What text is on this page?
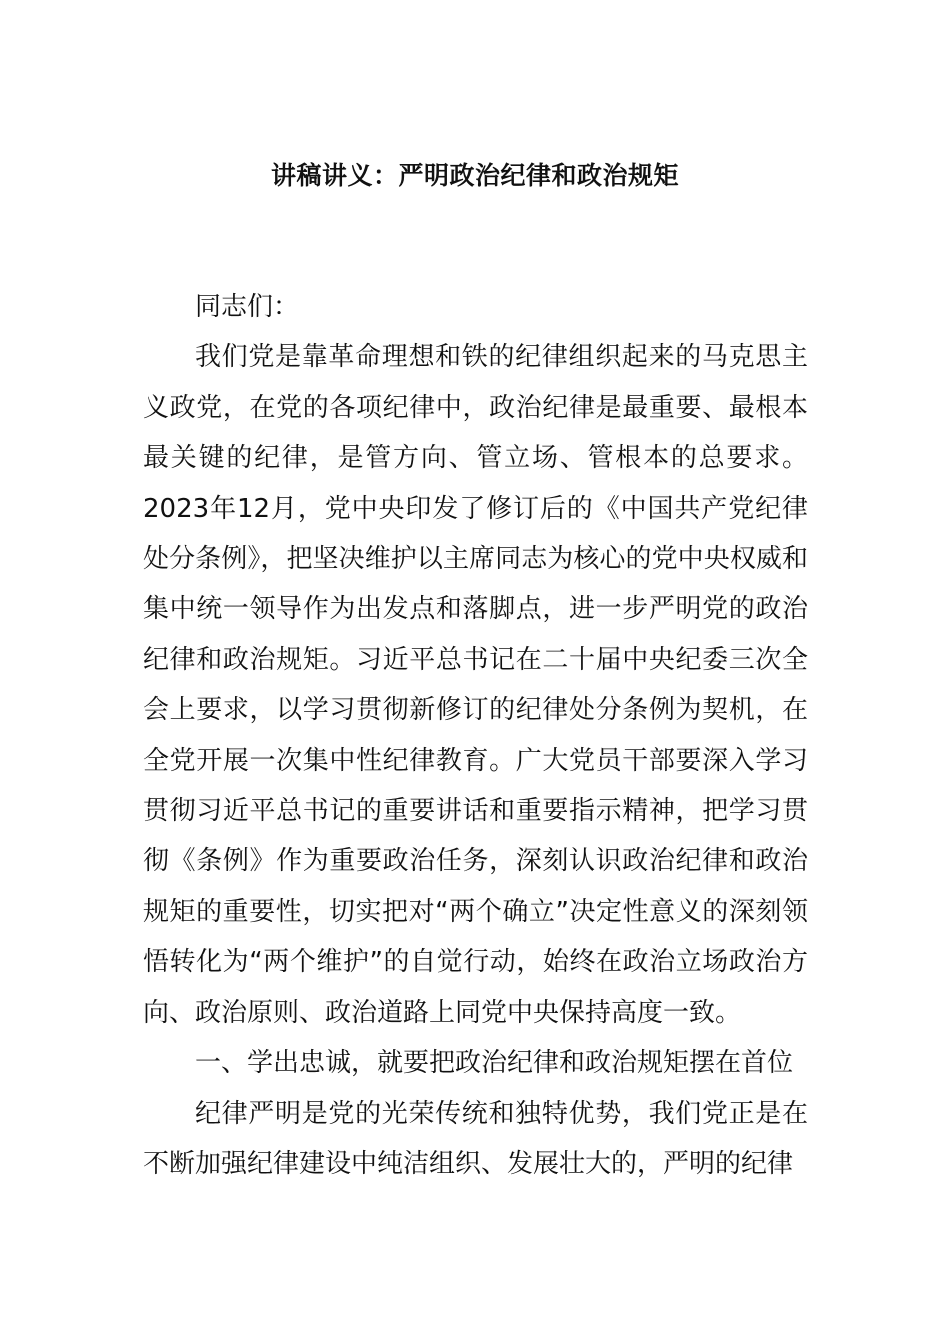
讲稿讲义：严明政治纪律和政治规矩

同志们：

我们党是靠革命理想和铁的纪律组织起来的马克思主义政党，在党的各项纪律中，政治纪律是最重要、最根本最关键的纪律，是管方向、管立场、管根本的总要求。2023年12月，党中央印发了修订后的《中国共产党纪律处分条例》，把坚决维护以主席同志为核心的党中央权威和集中统一领导作为出发点和落脚点，进一步严明党的政治纪律和政治规矩。习近平总书记在二十届中央纪委三次全会上要求，以学习贯彻新修订的纪律处分条例为契机，在全党开展一次集中性纪律教育。广大党员干部要深入学习贯彻习近平总书记的重要讲话和重要指示精神，把学习贯彻《条例》作为重要政治任务，深刻认识政治纪律和政治规矩的重要性，切实把对“两个确立”决定性意义的深刻领悟转化为“两个维护”的自觉行动，始终在政治立场政治方向、政治原则、政治道路上同党中央保持高度一致。

一、学出忠诚，就要把政治纪律和政治规矩摆在首位

纪律严明是党的光荣传统和独特优势，我们党正是在不断加强纪律建设中纯洁组织、发展壮大的，严明的纪律
